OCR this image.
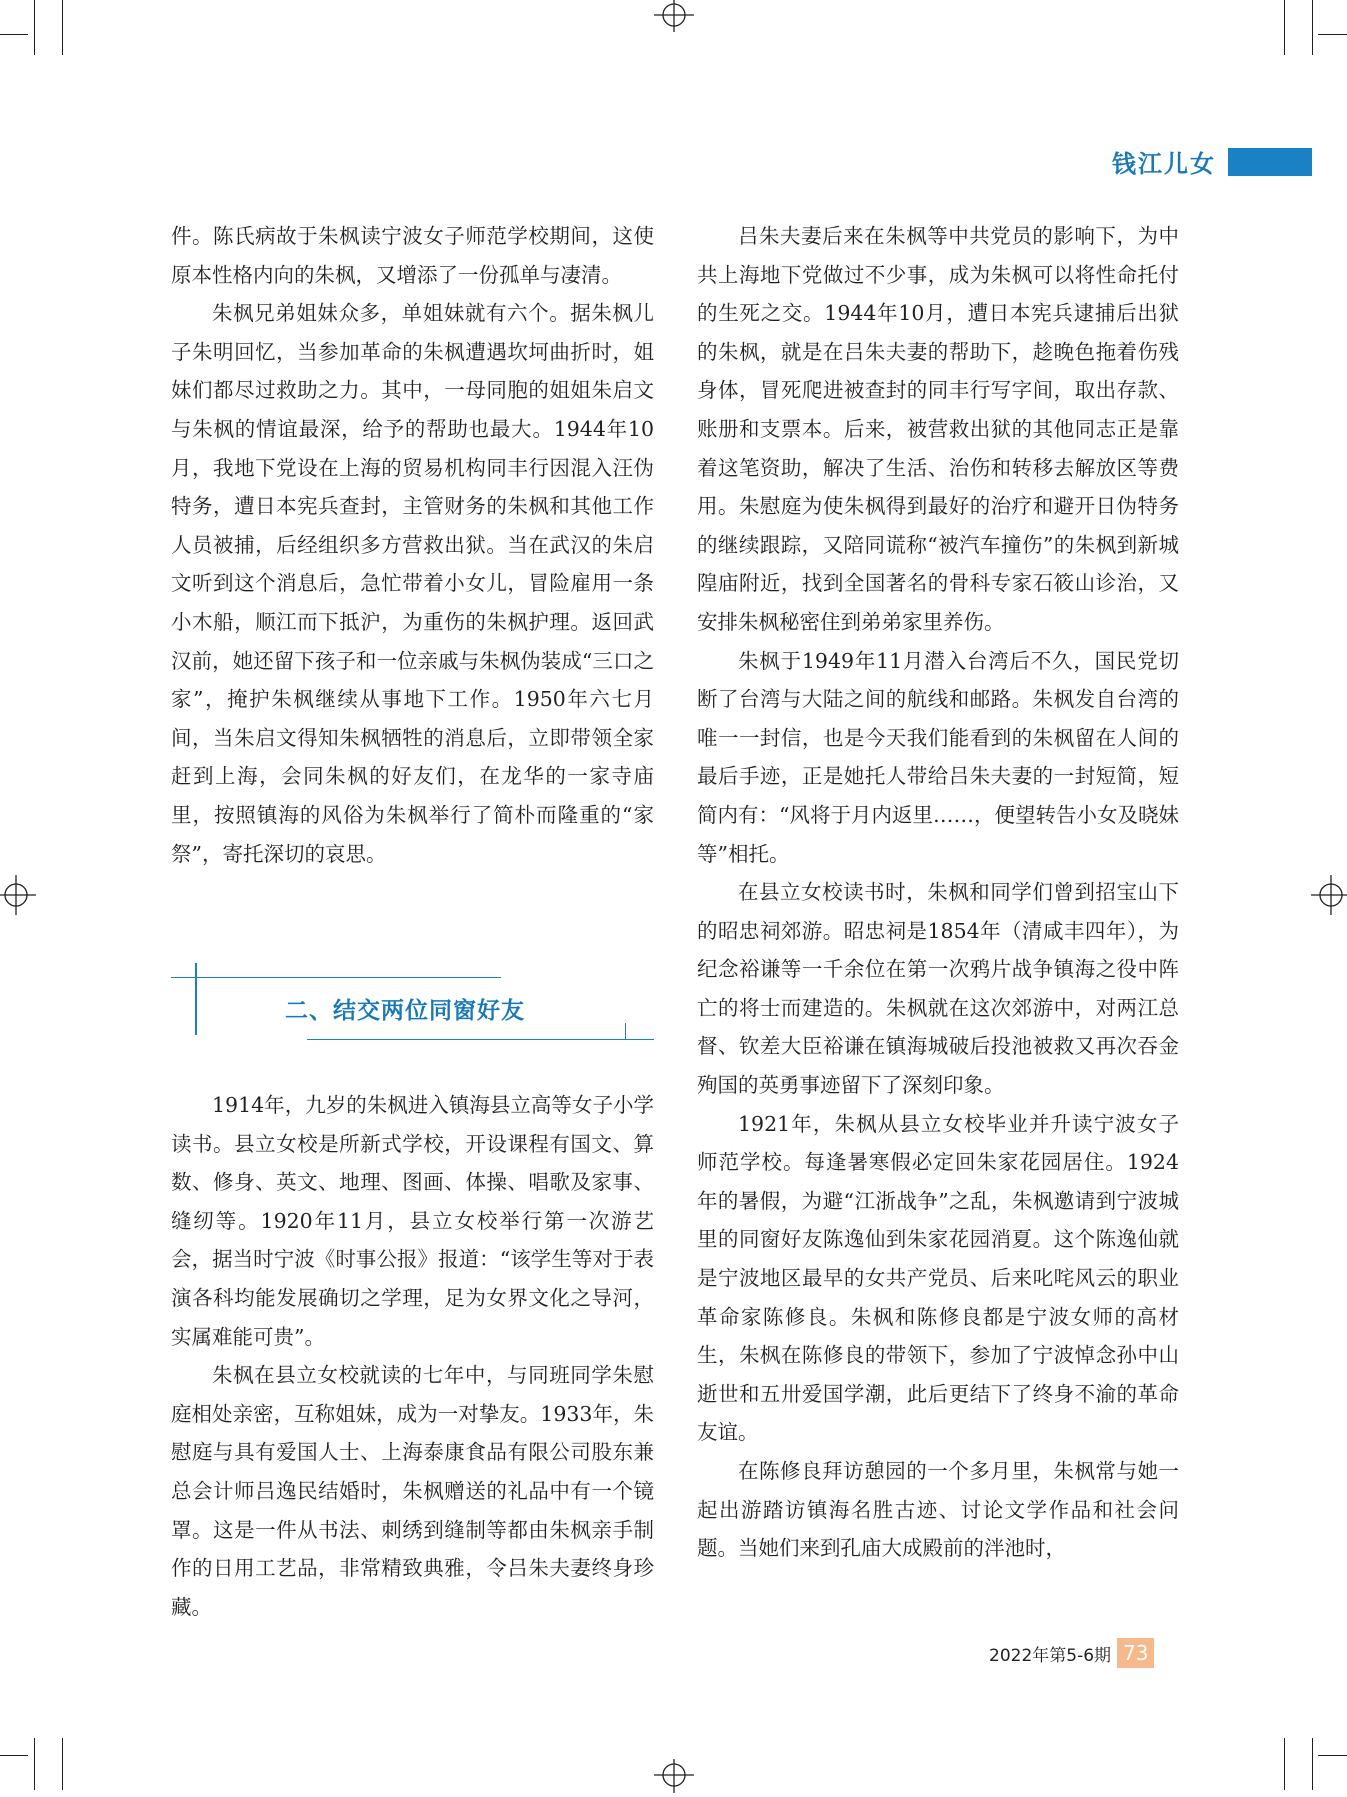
钱江儿女

件。陈氏病故于朱枫读宁波女子师范学校期间，这使原本性格内向的朱枫，又增添了一份孤单与凄清。

朱枫兄弟姐妹众多，单姐妹就有六个。据朱枫儿子朱明回忆，当参加革命的朱枫遭遇坎坷曲折时，姐妹们都尽过救助之力。其中，一母同胞的姐姐朱启文与朱枫的情谊最深，给予的帮助也最大。1944年10月，我地下党设在上海的贸易机构同丰行因混入汪伪特务，遭日本宪兵查封，主管财务的朱枫和其他工作人员被捕，后经组织多方营救出狱。当在武汉的朱启文听到这个消息后，急忙带着小女儿，冒险雇用一条小木船，顺江而下抵沪，为重伤的朱枫护理。返回武汉前，她还留下孩子和一位亲戚与朱枫伪装成“三口之家”，掩护朱枫继续从事地下工作。1950年六七月间，当朱启文得知朱枫牺牲的消息后，立即带领全家赶到上海，会同朱枫的好友们，在龙华的一家寺庙里，按照镇海的风俗为朱枫举行了简朴而隆重的“家祭”，寄托深切的哀思。

二、结交两位同窗好友

1914年，九岁的朱枫进入镇海县立高等女子小学读书。县立女校是所新式学校，开设课程有国文、算数、修身、英文、地理、图画、体操、唱歌及家事、缝纫等。1920年11月，县立女校举行第一次游艺会，据当时宁波《时事公报》报道：“该学生等对于表演各科均能发展确切之学理，足为女界文化之导河，实属难能可贵”。

朱枫在县立女校就读的七年中，与同班同学朱慰庭相处亲密，互称姐妹，成为一对挚友。1933年，朱慰庭与具有爱国人士、上海泰康食品有限公司股东兼总会计师吕逸民结婚时，朱枫赠送的礼品中有一个镜罩。这是一件从书法、刺绣到缝制等都由朱枫亲手制作的日用工艺品，非常精致典雅，令吕朱夫妻终身珍藏。

吕朱夫妻后来在朱枫等中共党员的影响下，为中共上海地下党做过不少事，成为朱枫可以将性命托付的生死之交。1944年10月，遭日本宪兵逮捕后出狱的朱枫，就是在吕朱夫妻的帮助下，趁晚色拖着伤残身体，冒死爬进被查封的同丰行写字间，取出存款、账册和支票本。后来，被营救出狱的其他同志正是靠着这笔资助，解决了生活、治伤和转移去解放区等费用。朱慰庭为使朱枫得到最好的治疗和避开日伪特务的继续跟踪，又陪同谎称“被汽车撞伤”的朱枫到新城隍庙附近，找到全国著名的骨科专家石筱山诊治，又安排朱枫秘密住到弟弟家里养伤。

朱枫于1949年11月潜入台湾后不久，国民党切断了台湾与大陆之间的航线和邮路。朱枫发自台湾的唯一一封信，也是今天我们能看到的朱枫留在人间的最后手迹，正是她托人带给吕朱夫妻的一封短简，短简内有：“风将于月内返里……，便望转告小女及晓妹等”相托。

在县立女校读书时，朱枫和同学们曾到招宝山下的昭忠祠郊游。昭忠祠是1854年（清咸丰四年），为纪念裕谦等一千余位在第一次鸦片战争镇海之役中阵亡的将士而建造的。朱枫就在这次郊游中，对两江总督、钦差大臣裕谦在镇海城破后投池被救又再次吞金殉国的英勇事迹留下了深刻印象。

1921年，朱枫从县立女校毕业并升读宁波女子师范学校。每逢暑寒假必定回朱家花园居住。1924年的暑假，为避“江浙战争”之乱，朱枫邀请到宁波城里的同窗好友陈逸仙到朱家花园消夏。这个陈逸仙就是宁波地区最早的女共产党员、后来叱咤风云的职业革命家陈修良。朱枫和陈修良都是宁波女师的高材生，朱枫在陈修良的带领下，参加了宁波悼念孙中山逝世和五卅爱国学潮，此后更结下了终身不渝的革命友谊。

在陈修良拜访憩园的一个多月里，朱枫常与她一起出游踏访镇海名胜古迹、讨论文学作品和社会问题。当她们来到孔庙大成殿前的泮池时，

2022年第5-6期 73
